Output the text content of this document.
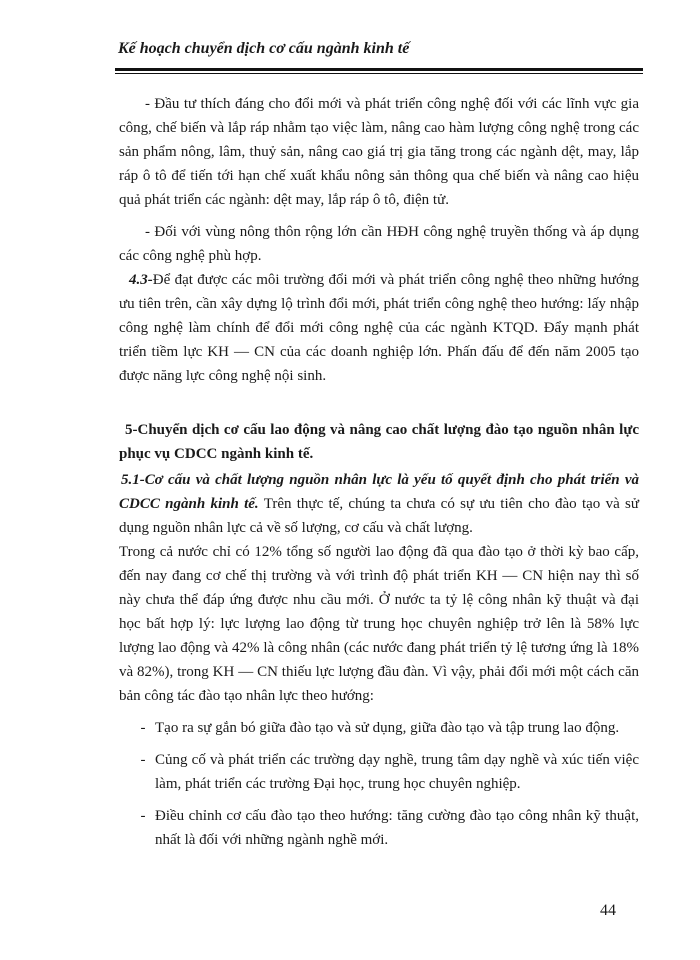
Kế hoạch chuyển dịch cơ cấu ngành kinh tế

- Đầu tư thích đáng cho đổi mới và phát triển công nghệ đối với các lĩnh vực gia công, chế biến và lắp ráp nhằm tạo việc làm, nâng cao hàm lượng công nghệ trong các sản phẩm nông, lâm, thuỷ sản, nâng cao giá trị gia tăng trong các ngành dệt, may, lắp ráp ô tô để tiến tới hạn chế xuất khẩu nông sản thông qua chế biến và nâng cao hiệu quả phát triển các ngành: dệt may, lắp ráp ô tô, điện tử.

- Đối với vùng nông thôn rộng lớn cần HĐH công nghệ truyền thống và áp dụng các công nghệ phù hợp.

4.3-Để đạt được các môi trường đổi mới và phát triển công nghệ theo những hướng ưu tiên trên, cần xây dựng lộ trình đổi mới, phát triển công nghệ theo hướng: lấy nhập công nghệ làm chính để đổi mới công nghệ của các ngành KTQD. Đẩy mạnh phát triển tiềm lực KH — CN của các doanh nghiệp lớn. Phấn đấu để đến năm 2005 tạo được năng lực công nghệ nội sinh.

5-Chuyển dịch cơ cấu lao động và nâng cao chất lượng đào tạo nguồn nhân lực phục vụ CDCC ngành kinh tế.

5.1-Cơ cấu và chất lượng nguồn nhân lực là yếu tố quyết định cho phát triển và CDCC ngành kinh tế. Trên thực tế, chúng ta chưa có sự ưu tiên cho đào tạo và sử dụng nguồn nhân lực cả về số lượng, cơ cấu và chất lượng.

Trong cả nước chỉ có 12% tổng số người lao động đã qua đào tạo ở thời kỳ bao cấp, đến nay đang cơ chế thị trường và với trình độ phát triển KH — CN hiện nay thì số này chưa thể đáp ứng được nhu cầu mới. Ở nước ta tỷ lệ công nhân kỹ thuật và đại học bất hợp lý: lực lượng lao động từ trung học chuyên nghiệp trở lên là 58% lực lượng lao động và 42% là công nhân (các nước đang phát triển tỷ lệ tương ứng là 18% và 82%), trong KH — CN thiếu lực lượng đầu đàn. Vì vậy, phải đổi mới một cách căn bản công tác đào tạo nhân lực theo hướng:

- Tạo ra sự gắn bó giữa đào tạo và sử dụng, giữa đào tạo và tập trung lao động.
- Củng cố và phát triển các trường dạy nghề, trung tâm dạy nghề và xúc tiến việc làm, phát triển các trường Đại học, trung học chuyên nghiệp.
- Điều chỉnh cơ cấu đào tạo theo hướng: tăng cường đào tạo công nhân kỹ thuật, nhất là đối với những ngành nghề mới.
44
